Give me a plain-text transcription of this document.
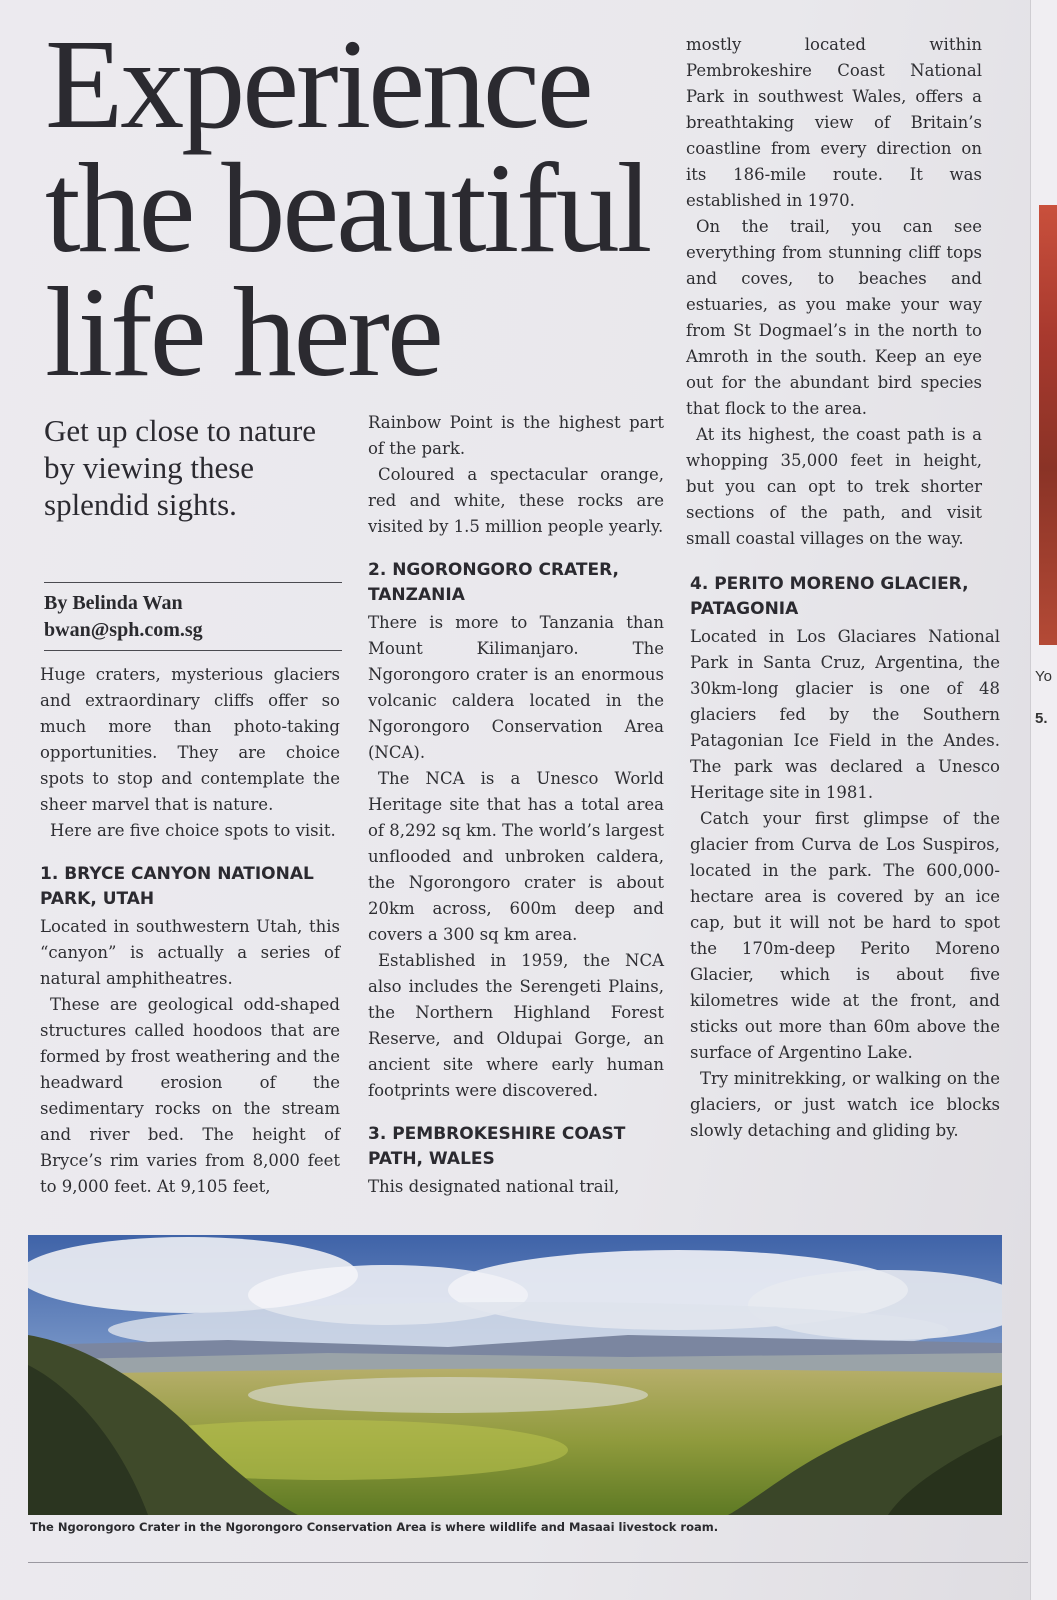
Yo
5.
Experience the beautiful life here

Get up close to nature by viewing these splendid sights.

By Belinda Wan
bwan@sph.com.sg

Huge craters, mysterious glaciers and extraordinary cliffs offer so much more than photo-taking opportunities. They are choice spots to stop and contemplate the sheer marvel that is nature.

Here are five choice spots to visit.

1. BRYCE CANYON NATIONAL PARK, UTAH

Located in southwestern Utah, this “canyon” is actually a series of natural amphitheatres.

These are geological odd-shaped structures called hoodoos that are formed by frost weathering and the headward erosion of the sedimentary rocks on the stream and river bed. The height of Bryce’s rim varies from 8,000 feet to 9,000 feet. At 9,105 feet,

Rainbow Point is the highest part of the park.

Coloured a spectacular orange, red and white, these rocks are visited by 1.5 million people yearly.

2. NGORONGORO CRATER, TANZANIA

There is more to Tanzania than Mount Kilimanjaro. The Ngorongoro crater is an enormous volcanic caldera located in the Ngorongoro Conservation Area (NCA).

The NCA is a Unesco World Heritage site that has a total area of 8,292 sq km. The world’s largest unflooded and unbroken caldera, the Ngorongoro crater is about 20km across, 600m deep and covers a 300 sq km area.

Established in 1959, the NCA also includes the Serengeti Plains, the Northern Highland Forest Reserve, and Oldupai Gorge, an ancient site where early human footprints were discovered.

3. PEMBROKESHIRE COAST PATH, WALES

This designated national trail,

mostly located within Pembrokeshire Coast National Park in southwest Wales, offers a breathtaking view of Britain’s coastline from every direction on its 186-mile route. It was established in 1970.

On the trail, you can see everything from stunning cliff tops and coves, to beaches and estuaries, as you make your way from St Dogmael’s in the north to Amroth in the south. Keep an eye out for the abundant bird species that flock to the area.

At its highest, the coast path is a whopping 35,000 feet in height, but you can opt to trek shorter sections of the path, and visit small coastal villages on the way.

4. PERITO MORENO GLACIER, PATAGONIA

Located in Los Glaciares National Park in Santa Cruz, Argentina, the 30km-long glacier is one of 48 glaciers fed by the Southern Patagonian Ice Field in the Andes. The park was declared a Unesco Heritage site in 1981.

Catch your first glimpse of the glacier from Curva de Los Suspiros, located in the park. The 600,000-hectare area is covered by an ice cap, but it will not be hard to spot the 170m-deep Perito Moreno Glacier, which is about five kilometres wide at the front, and sticks out more than 60m above the surface of Argentino Lake.

Try minitrekking, or walking on the glaciers, or just watch ice blocks slowly detaching and gliding by.

The Ngorongoro Crater in the Ngorongoro Conservation Area is where wildlife and Masaai livestock roam.
